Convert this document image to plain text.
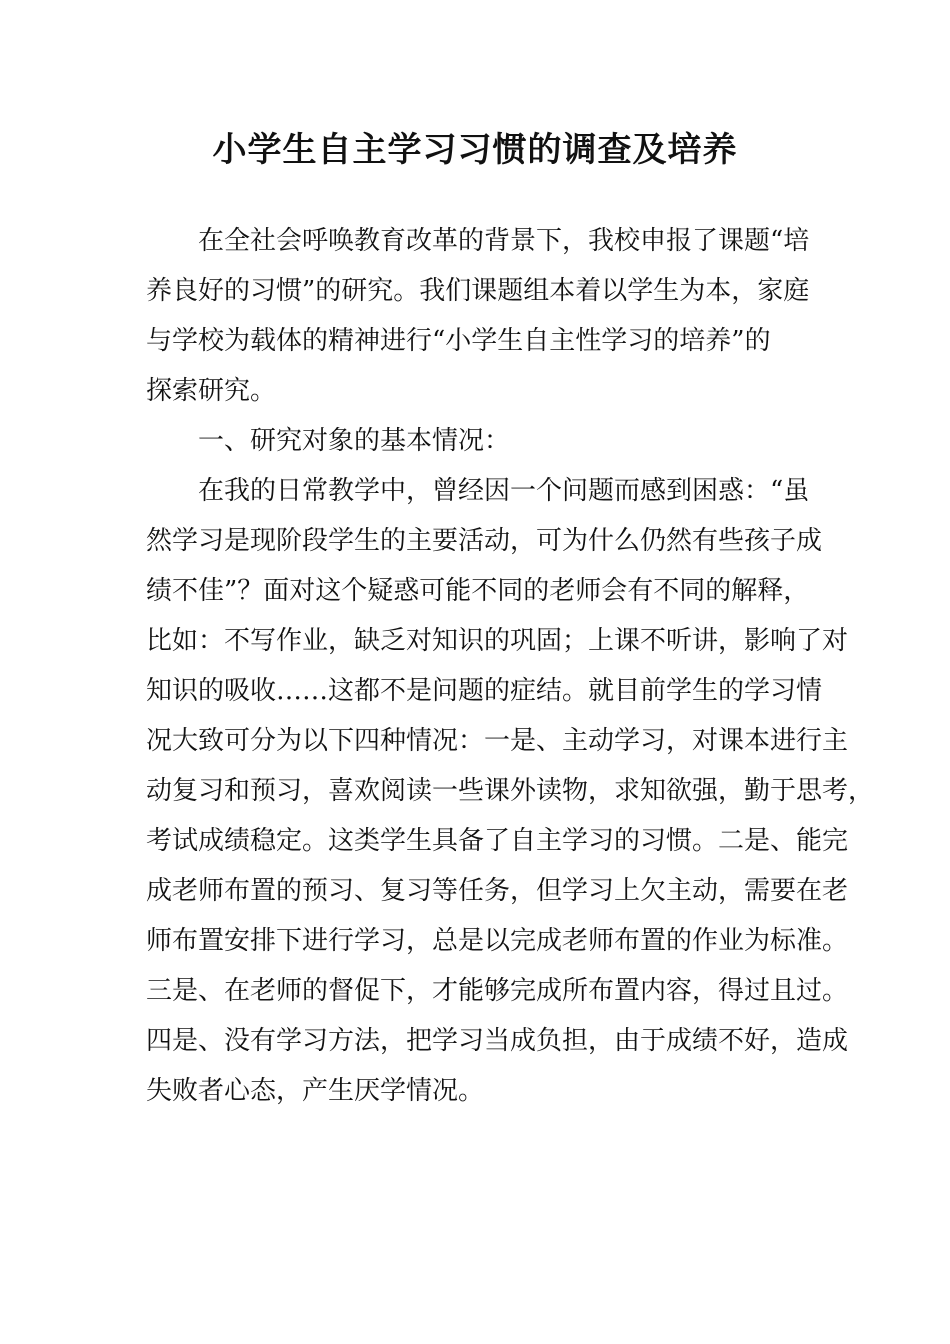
小学生自主学习习惯的调查及培养
在全社会呼唤教育改革的背景下，我校申报了课题“培
养良好的习惯”的研究。我们课题组本着以学生为本，家庭
与学校为载体的精神进行“小学生自主性学习的培养”的
探索研究。
一、研究对象的基本情况：
在我的日常教学中，曾经因一个问题而感到困惑：“虽
然学习是现阶段学生的主要活动，可为什么仍然有些孩子成
绩不佳”？面对这个疑惑可能不同的老师会有不同的解释，
比如：不写作业，缺乏对知识的巩固；上课不听讲，影响了对
知识的吸收……这都不是问题的症结。就目前学生的学习情
况大致可分为以下四种情况：一是、主动学习，对课本进行主
动复习和预习，喜欢阅读一些课外读物，求知欲强，勤于思考，
考试成绩稳定。这类学生具备了自主学习的习惯。二是、能完
成老师布置的预习、复习等任务，但学习上欠主动，需要在老
师布置安排下进行学习，总是以完成老师布置的作业为标准。
三是、在老师的督促下，才能够完成所布置内容，得过且过。
四是、没有学习方法，把学习当成负担，由于成绩不好，造成
失败者心态，产生厌学情况。
